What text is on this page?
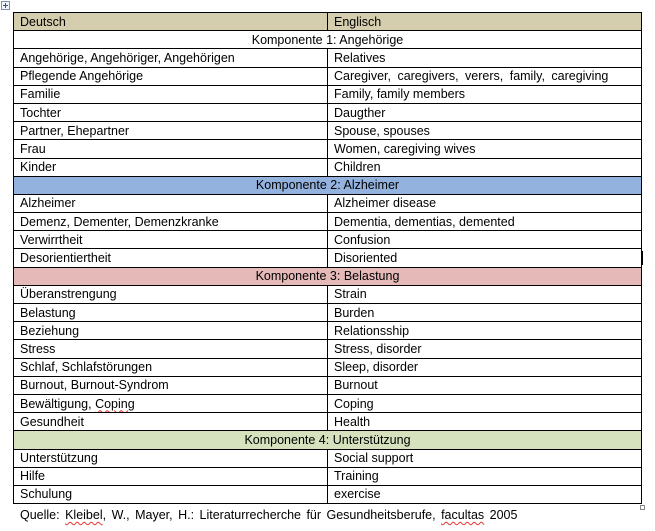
Deutsch	Englisch
Komponente 1: Angehörige	
Angehörige, Angehöriger, Angehörigen	Relatives
Pflegende Angehörige	Caregiver, caregivers, verers, family, caregiving
Familie	Family, family members
Tochter	Daugther
Partner, Ehepartner	Spouse, spouses
Frau	Women, caregiving wives
Kinder	Children
Komponente 2: Alzheimer	
Alzheimer	Alzheimer disease
Demenz, Dementer, Demenzkranke	Dementia, dementias, demented
Verwirrtheit	Confusion
Desorientiertheit	Disoriented
Komponente 3: Belastung	
Überanstrengung	Strain
Belastung	Burden
Beziehung	Relationsship
Stress	Stress, disorder
Schlaf, Schlafstörungen	Sleep, disorder
Burnout, Burnout-Syndrom	Burnout
Bewältigung, Coping	Coping
Gesundheit	Health
Komponente 4: Unterstützung	
Unterstützung	Social support
Hilfe	Training
Schulung	exercise
Quelle: Kleibel, W., Mayer, H.: Literaturrecherche für Gesundheitsberufe, facultas 2005
